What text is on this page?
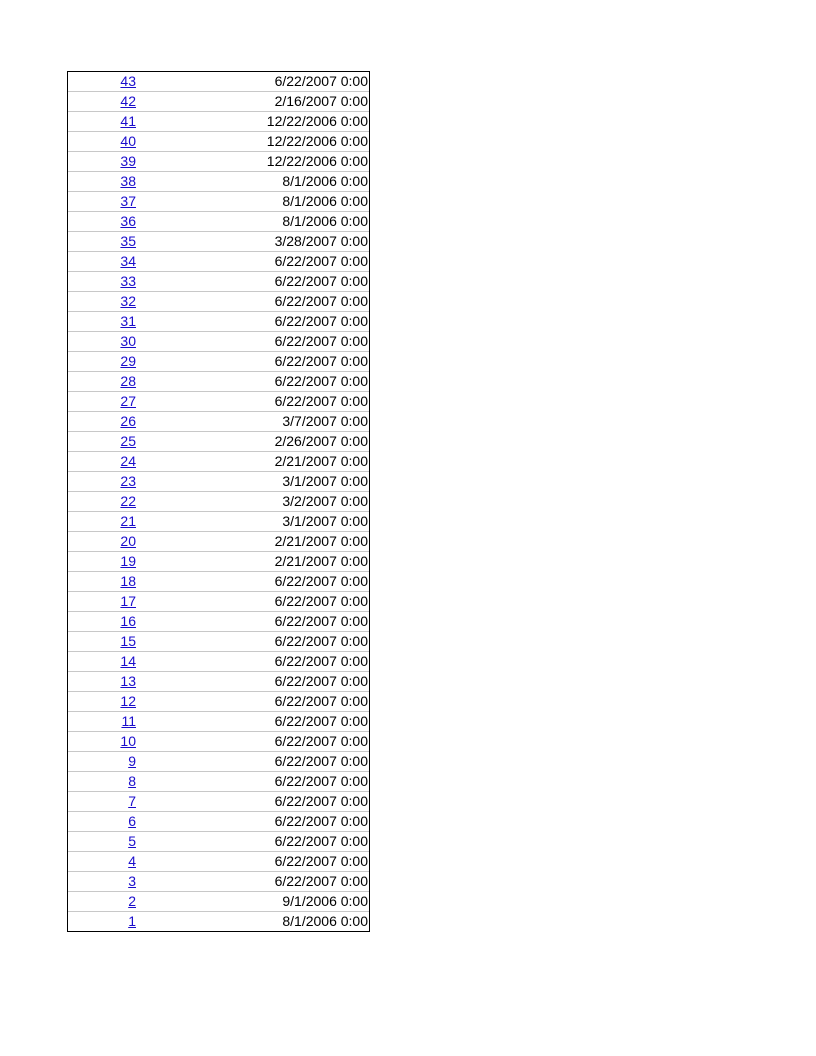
43	6/22/2007 0:00
42	2/16/2007 0:00
41	12/22/2006 0:00
40	12/22/2006 0:00
39	12/22/2006 0:00
38	8/1/2006 0:00
37	8/1/2006 0:00
36	8/1/2006 0:00
35	3/28/2007 0:00
34	6/22/2007 0:00
33	6/22/2007 0:00
32	6/22/2007 0:00
31	6/22/2007 0:00
30	6/22/2007 0:00
29	6/22/2007 0:00
28	6/22/2007 0:00
27	6/22/2007 0:00
26	3/7/2007 0:00
25	2/26/2007 0:00
24	2/21/2007 0:00
23	3/1/2007 0:00
22	3/2/2007 0:00
21	3/1/2007 0:00
20	2/21/2007 0:00
19	2/21/2007 0:00
18	6/22/2007 0:00
17	6/22/2007 0:00
16	6/22/2007 0:00
15	6/22/2007 0:00
14	6/22/2007 0:00
13	6/22/2007 0:00
12	6/22/2007 0:00
11	6/22/2007 0:00
10	6/22/2007 0:00
9	6/22/2007 0:00
8	6/22/2007 0:00
7	6/22/2007 0:00
6	6/22/2007 0:00
5	6/22/2007 0:00
4	6/22/2007 0:00
3	6/22/2007 0:00
2	9/1/2006 0:00
1	8/1/2006 0:00
